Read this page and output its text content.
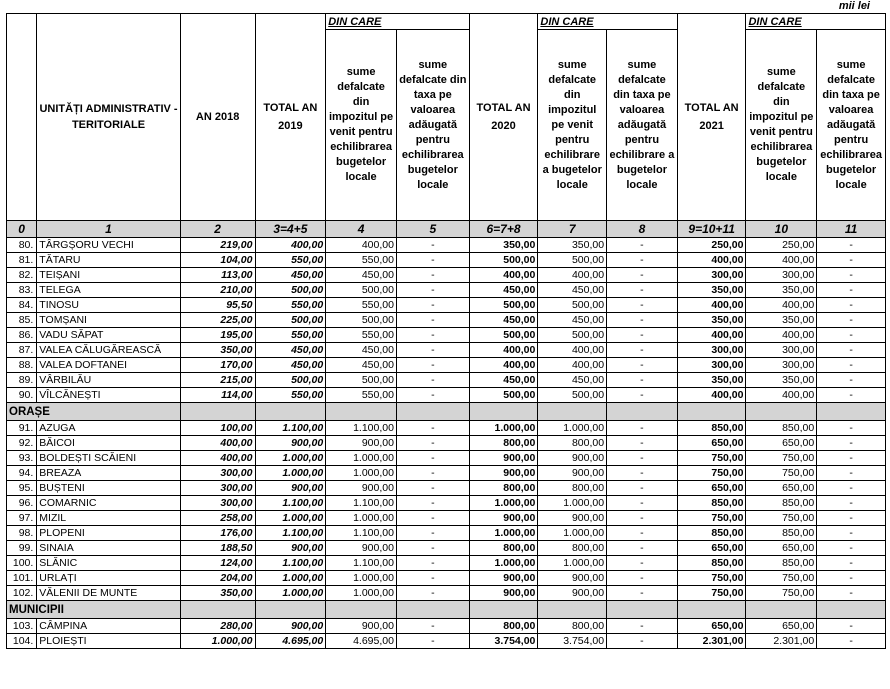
mii lei
	UNITĂȚI ADMINISTRATIV - TERITORIALE	AN 2018	TOTAL AN 2019	DIN CARE		TOTAL AN 2020	DIN CARE		TOTAL AN 2021	DIN CARE	
				sume defalcate din impozitul pe venit pentru echilibrarea bugetelor locale	sume defalcate din taxa pe valoarea adăugată pentru echilibrarea bugetelor locale		sume defalcate din impozitul pe venit pentru echilibrare a bugetelor locale	sume defalcate din taxa pe valoarea adăugată pentru echilibrare a bugetelor locale		sume defalcate din impozitul pe venit pentru echilibrarea bugetelor locale	sume defalcate din taxa pe valoarea adăugată pentru echilibrarea bugetelor locale
0	1	2	3=4+5	4	5	6=7+8	7	8	9=10+11	10	11
80.	TÂRGȘORU VECHI	219,00	400,00	400,00	-	350,00	350,00	-	250,00	250,00	-
81.	TĂTARU	104,00	550,00	550,00	-	500,00	500,00	-	400,00	400,00	-
82.	TEIȘANI	113,00	450,00	450,00	-	400,00	400,00	-	300,00	300,00	-
83.	TELEGA	210,00	500,00	500,00	-	450,00	450,00	-	350,00	350,00	-
84.	TINOSU	95,50	550,00	550,00	-	500,00	500,00	-	400,00	400,00	-
85.	TOMȘANI	225,00	500,00	500,00	-	450,00	450,00	-	350,00	350,00	-
86.	VADU SĂPAT	195,00	550,00	550,00	-	500,00	500,00	-	400,00	400,00	-
87.	VALEA CĂLUGĂREASCĂ	350,00	450,00	450,00	-	400,00	400,00	-	300,00	300,00	-
88.	VALEA DOFTANEI	170,00	450,00	450,00	-	400,00	400,00	-	300,00	300,00	-
89.	VÂRBILĂU	215,00	500,00	500,00	-	450,00	450,00	-	350,00	350,00	-
90.	VÎLCĂNEȘTI	114,00	550,00	550,00	-	500,00	500,00	-	400,00	400,00	-
ORAȘE											
91.	AZUGA	100,00	1.100,00	1.100,00	-	1.000,00	1.000,00	-	850,00	850,00	-
92.	BĂICOI	400,00	900,00	900,00	-	800,00	800,00	-	650,00	650,00	-
93.	BOLDEȘTI SCĂIENI	400,00	1.000,00	1.000,00	-	900,00	900,00	-	750,00	750,00	-
94.	BREAZA	300,00	1.000,00	1.000,00	-	900,00	900,00	-	750,00	750,00	-
95.	BUȘTENI	300,00	900,00	900,00	-	800,00	800,00	-	650,00	650,00	-
96.	COMARNIC	300,00	1.100,00	1.100,00	-	1.000,00	1.000,00	-	850,00	850,00	-
97.	MIZIL	258,00	1.000,00	1.000,00	-	900,00	900,00	-	750,00	750,00	-
98.	PLOPENI	176,00	1.100,00	1.100,00	-	1.000,00	1.000,00	-	850,00	850,00	-
99.	SINAIA	188,50	900,00	900,00	-	800,00	800,00	-	650,00	650,00	-
100.	SLĂNIC	124,00	1.100,00	1.100,00	-	1.000,00	1.000,00	-	850,00	850,00	-
101.	URLAȚI	204,00	1.000,00	1.000,00	-	900,00	900,00	-	750,00	750,00	-
102.	VĂLENII DE MUNTE	350,00	1.000,00	1.000,00	-	900,00	900,00	-	750,00	750,00	-
MUNICIPII											
103.	CÂMPINA	280,00	900,00	900,00	-	800,00	800,00	-	650,00	650,00	-
104.	PLOIEȘTI	1.000,00	4.695,00	4.695,00	-	3.754,00	3.754,00	-	2.301,00	2.301,00	-
